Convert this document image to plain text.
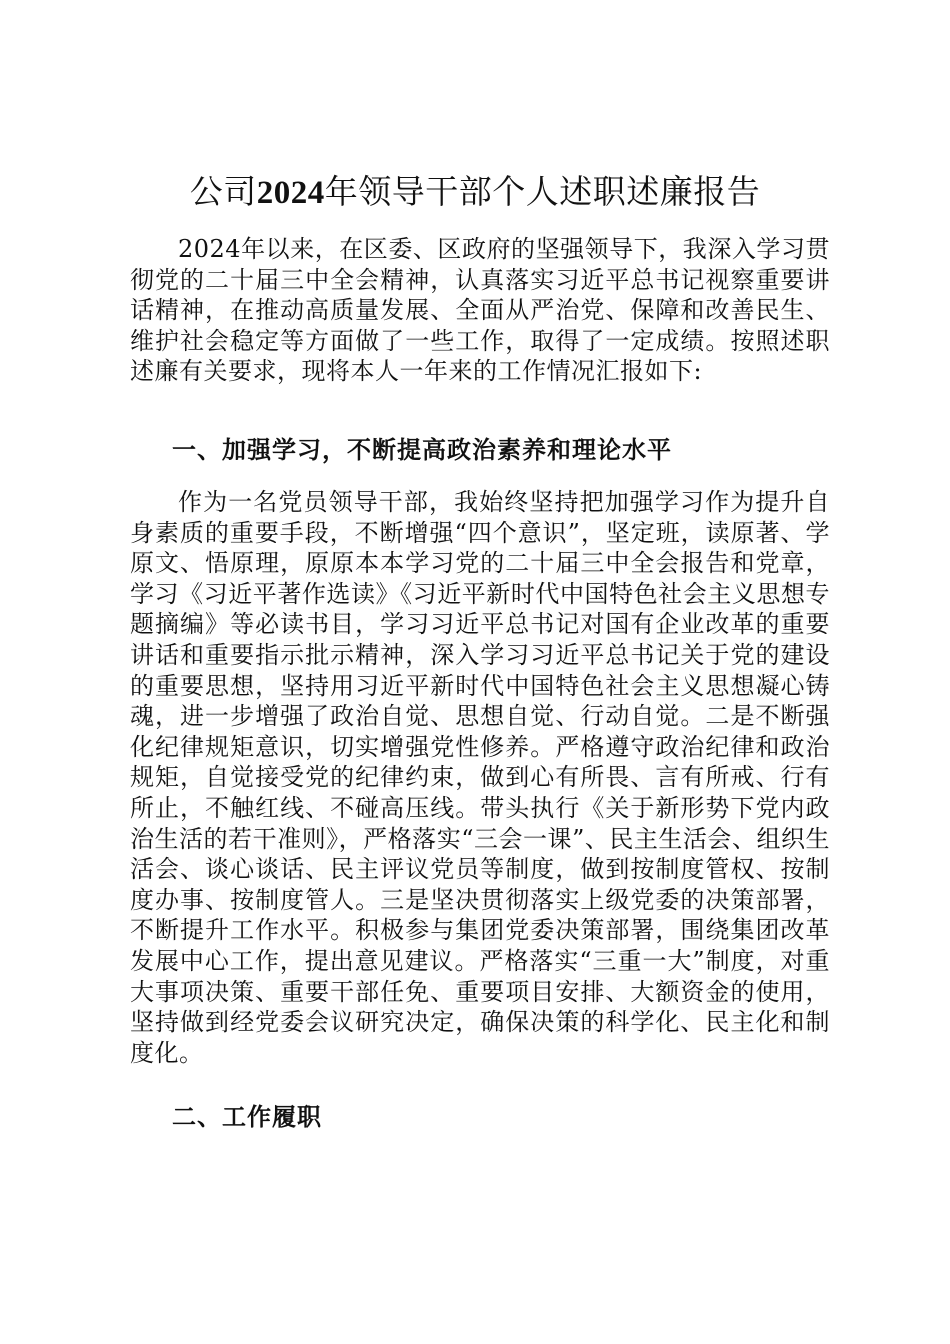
公司2024年领导干部个人述职述廉报告

2024年以来，在区委、区政府的坚强领导下，我深入学习贯彻党的二十届三中全会精神，认真落实习近平总书记视察重要讲话精神，在推动高质量发展、全面从严治党、保障和改善民生、维护社会稳定等方面做了一些工作，取得了一定成绩。按照述职述廉有关要求，现将本人一年来的工作情况汇报如下:

一、加强学习，不断提高政治素养和理论水平

作为一名党员领导干部，我始终坚持把加强学习作为提升自身素质的重要手段，不断增强“四个意识”，坚定班，读原著、学原文、悟原理，原原本本学习党的二十届三中全会报告和党章，学习《习近平著作选读》《习近平新时代中国特色社会主义思想专题摘编》等必读书目，学习习近平总书记对国有企业改革的重要讲话和重要指示批示精神，深入学习习近平总书记关于党的建设的重要思想，坚持用习近平新时代中国特色社会主义思想凝心铸魂，进一步增强了政治自觉、思想自觉、行动自觉。二是不断强化纪律规矩意识，切实增强党性修养。严格遵守政治纪律和政治规矩，自觉接受党的纪律约束，做到心有所畏、言有所戒、行有所止，不触红线、不碰高压线。带头执行《关于新形势下党内政治生活的若干准则》，严格落实“三会一课”、民主生活会、组织生活会、谈心谈话、民主评议党员等制度，做到按制度管权、按制度办事、按制度管人。三是坚决贯彻落实上级党委的决策部署，不断提升工作水平。积极参与集团党委决策部署，围绕集团改革发展中心工作，提出意见建议。严格落实“三重一大”制度，对重大事项决策、重要干部任免、重要项目安排、大额资金的使用，坚持做到经党委会议研究决定，确保决策的科学化、民主化和制度化。

二、工作履职
